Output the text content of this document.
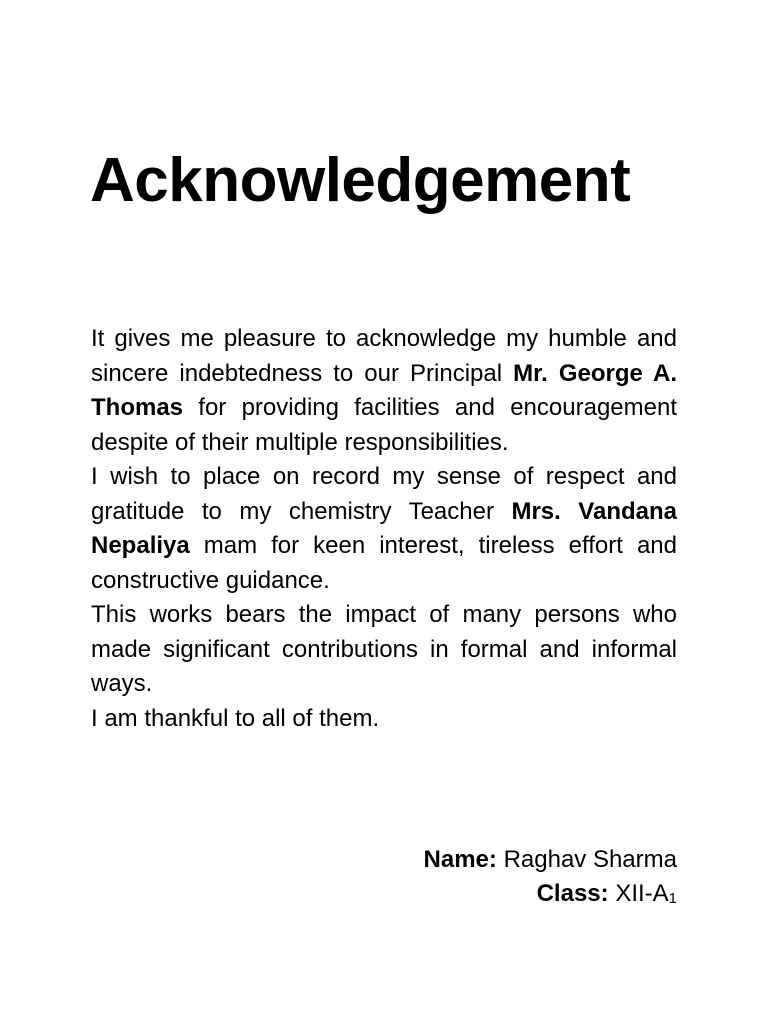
Acknowledgement

It gives me pleasure to acknowledge my humble and sincere indebtedness to our Principal Mr. George A. Thomas for providing facilities and encouragement despite of their multiple responsibilities.

I wish to place on record my sense of respect and gratitude to my chemistry Teacher Mrs. Vandana Nepaliya mam for keen interest, tireless effort and constructive guidance.

This works bears the impact of many persons who made significant contributions in formal and informal ways.

I am thankful to all of them.

Name: Raghav Sharma

Class: XII-A1
